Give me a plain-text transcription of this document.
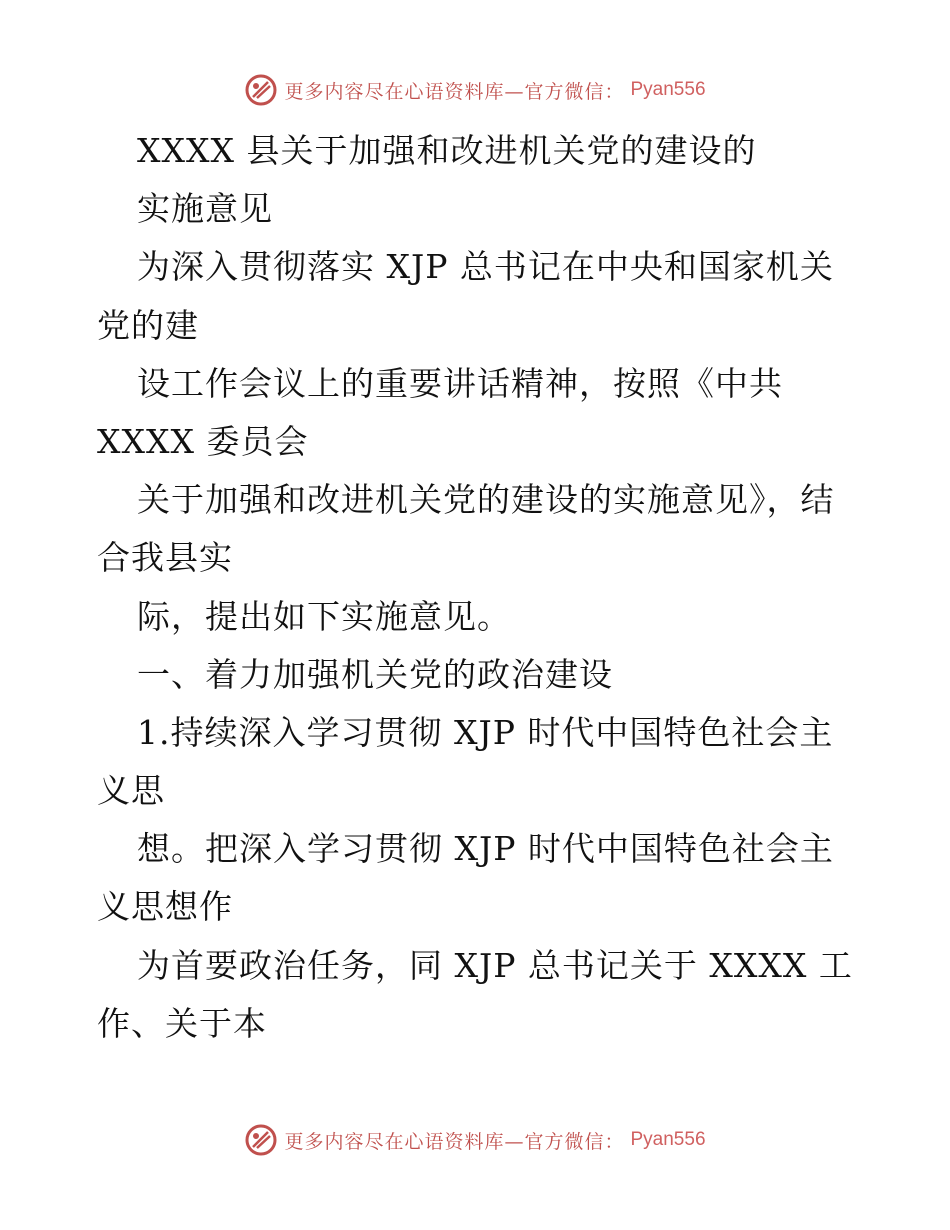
更多内容尽在心语资料库—官方微信： Pyan556
XXXX 县关于加强和改进机关党的建设的
实施意见
为深入贯彻落实 XJP 总书记在中央和国家机关
党的建
设工作会议上的重要讲话精神，按照《中共
XXXX 委员会
关于加强和改进机关党的建设的实施意见》，结
合我县实
际，提出如下实施意见。
一、着力加强机关党的政治建设
1.持续深入学习贯彻 XJP 时代中国特色社会主
义思
想。把深入学习贯彻 XJP 时代中国特色社会主
义思想作
为首要政治任务，同 XJP 总书记关于 XXXX 工
作、关于本
更多内容尽在心语资料库—官方微信： Pyan556
